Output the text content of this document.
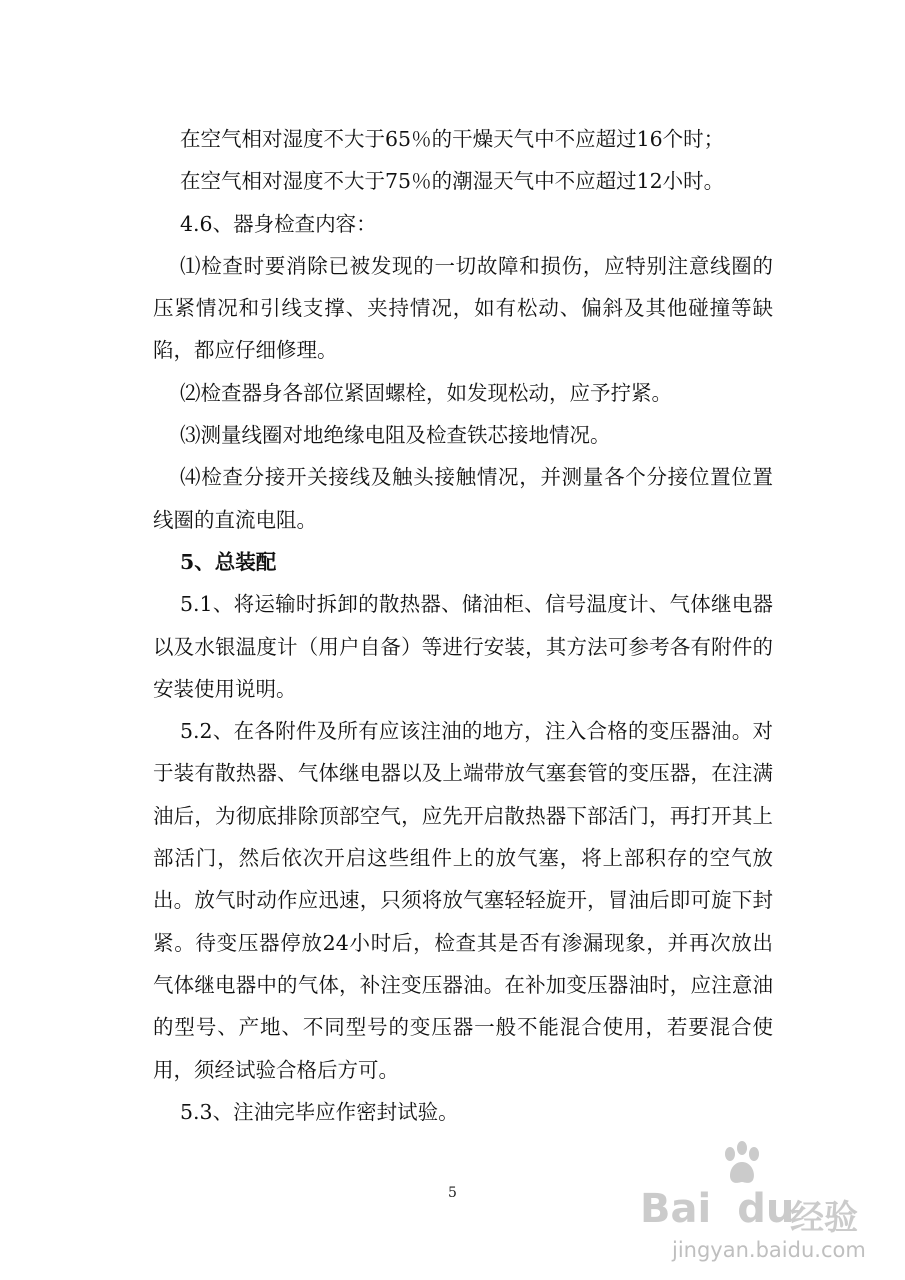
在空气相对湿度不大于65％的干燥天气中不应超过16个时；

在空气相对湿度不大于75％的潮湿天气中不应超过12小时。

4.6、器身检查内容：

⑴检查时要消除已被发现的一切故障和损伤，应特别注意线圈的压紧情况和引线支撑、夹持情况，如有松动、偏斜及其他碰撞等缺陷，都应仔细修理。

⑵检查器身各部位紧固螺栓，如发现松动，应予拧紧。

⑶测量线圈对地绝缘电阻及检查铁芯接地情况。

⑷检查分接开关接线及触头接触情况，并测量各个分接位置位置线圈的直流电阻。

5、总装配

5.1、将运输时拆卸的散热器、储油柜、信号温度计、气体继电器以及水银温度计（用户自备）等进行安装，其方法可参考各有附件的安装使用说明。

5.2、在各附件及所有应该注油的地方，注入合格的变压器油。对于装有散热器、气体继电器以及上端带放气塞套管的变压器，在注满油后，为彻底排除顶部空气，应先开启散热器下部活门，再打开其上部活门，然后依次开启这些组件上的放气塞，将上部积存的空气放出。放气时动作应迅速，只须将放气塞轻轻旋开，冒油后即可旋下封紧。待变压器停放24小时后，检查其是否有渗漏现象，并再次放出气体继电器中的气体，补注变压器油。在补加变压器油时，应注意油的型号、产地、不同型号的变压器一般不能混合使用，若要混合使用，须经试验合格后方可。

5.3、注油完毕应作密封试验。

5	Bai du
经验
jingyan.baidu.com
